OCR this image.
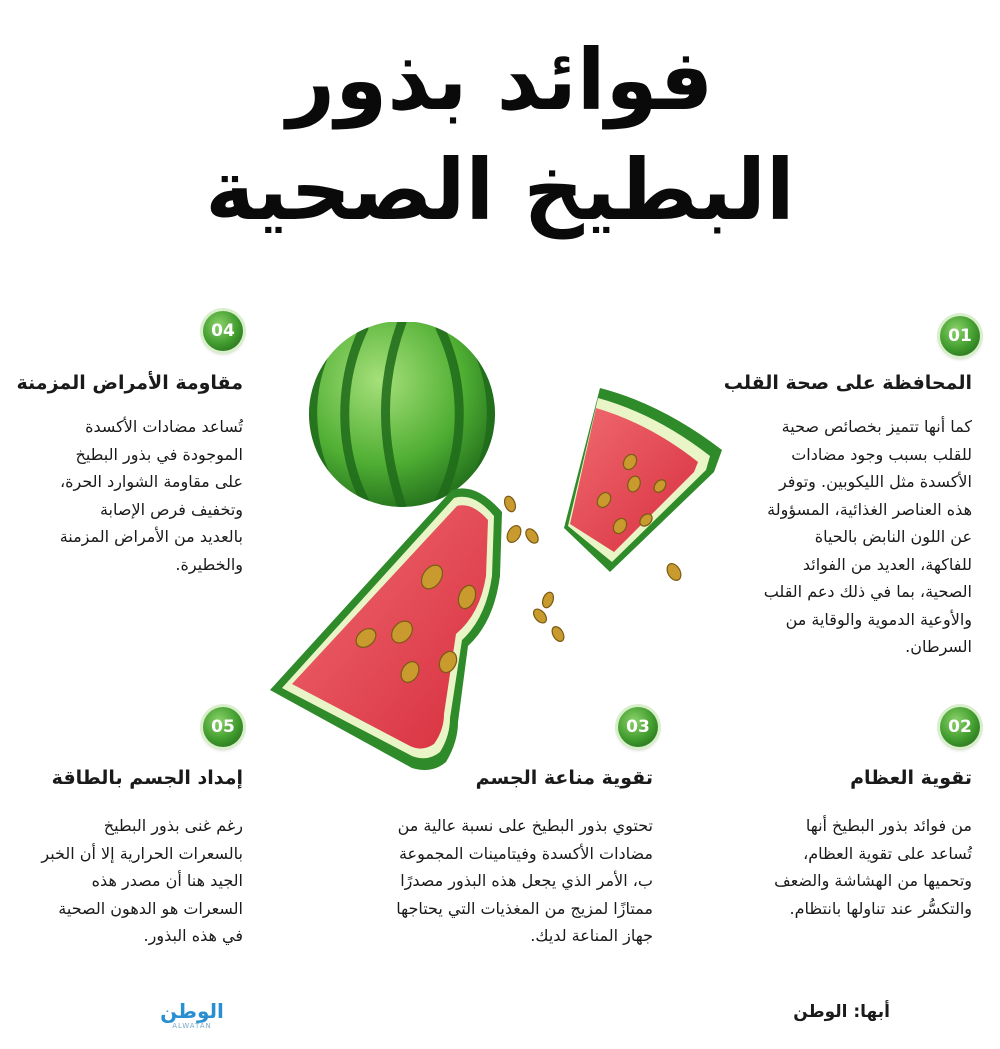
فوائد بذور
البطيخ الصحية
01
02
03
04
05
المحافظة على صحة القلب
تقوية العظام
تقوية مناعة الجسم
مقاومة الأمراض المزمنة
إمداد الجسم بالطاقة
كما أنها تتميز بخصائص صحية
للقلب بسبب وجود مضادات
الأكسدة مثل الليكوبين. وتوفر
هذه العناصر الغذائية، المسؤولة
عن اللون النابض بالحياة
للفاكهة، العديد من الفوائد
الصحية، بما في ذلك دعم القلب
والأوعية الدموية والوقاية من
السرطان.
من فوائد بذور البطيخ أنها
تُساعد على تقوية العظام،
وتحميها من الهشاشة والضعف
والتكسُّر عند تناولها بانتظام.
تحتوي بذور البطيخ على نسبة عالية من
مضادات الأكسدة وفيتامينات المجموعة
ب، الأمر الذي يجعل هذه البذور مصدرًا
ممتازًا لمزيج من المغذيات التي يحتاجها
جهاز المناعة لديك.
تُساعد مضادات الأكسدة
الموجودة في بذور البطيخ
على مقاومة الشوارد الحرة،
وتخفيف فرص الإصابة
بالعديد من الأمراض المزمنة
والخطيرة.
رغم غنى بذور البطيخ
بالسعرات الحرارية إلا أن الخبر
الجيد هنا أن مصدر هذه
السعرات هو الدهون الصحية
في هذه البذور.
أبها: الوطن
الوطن
ALWATAN
